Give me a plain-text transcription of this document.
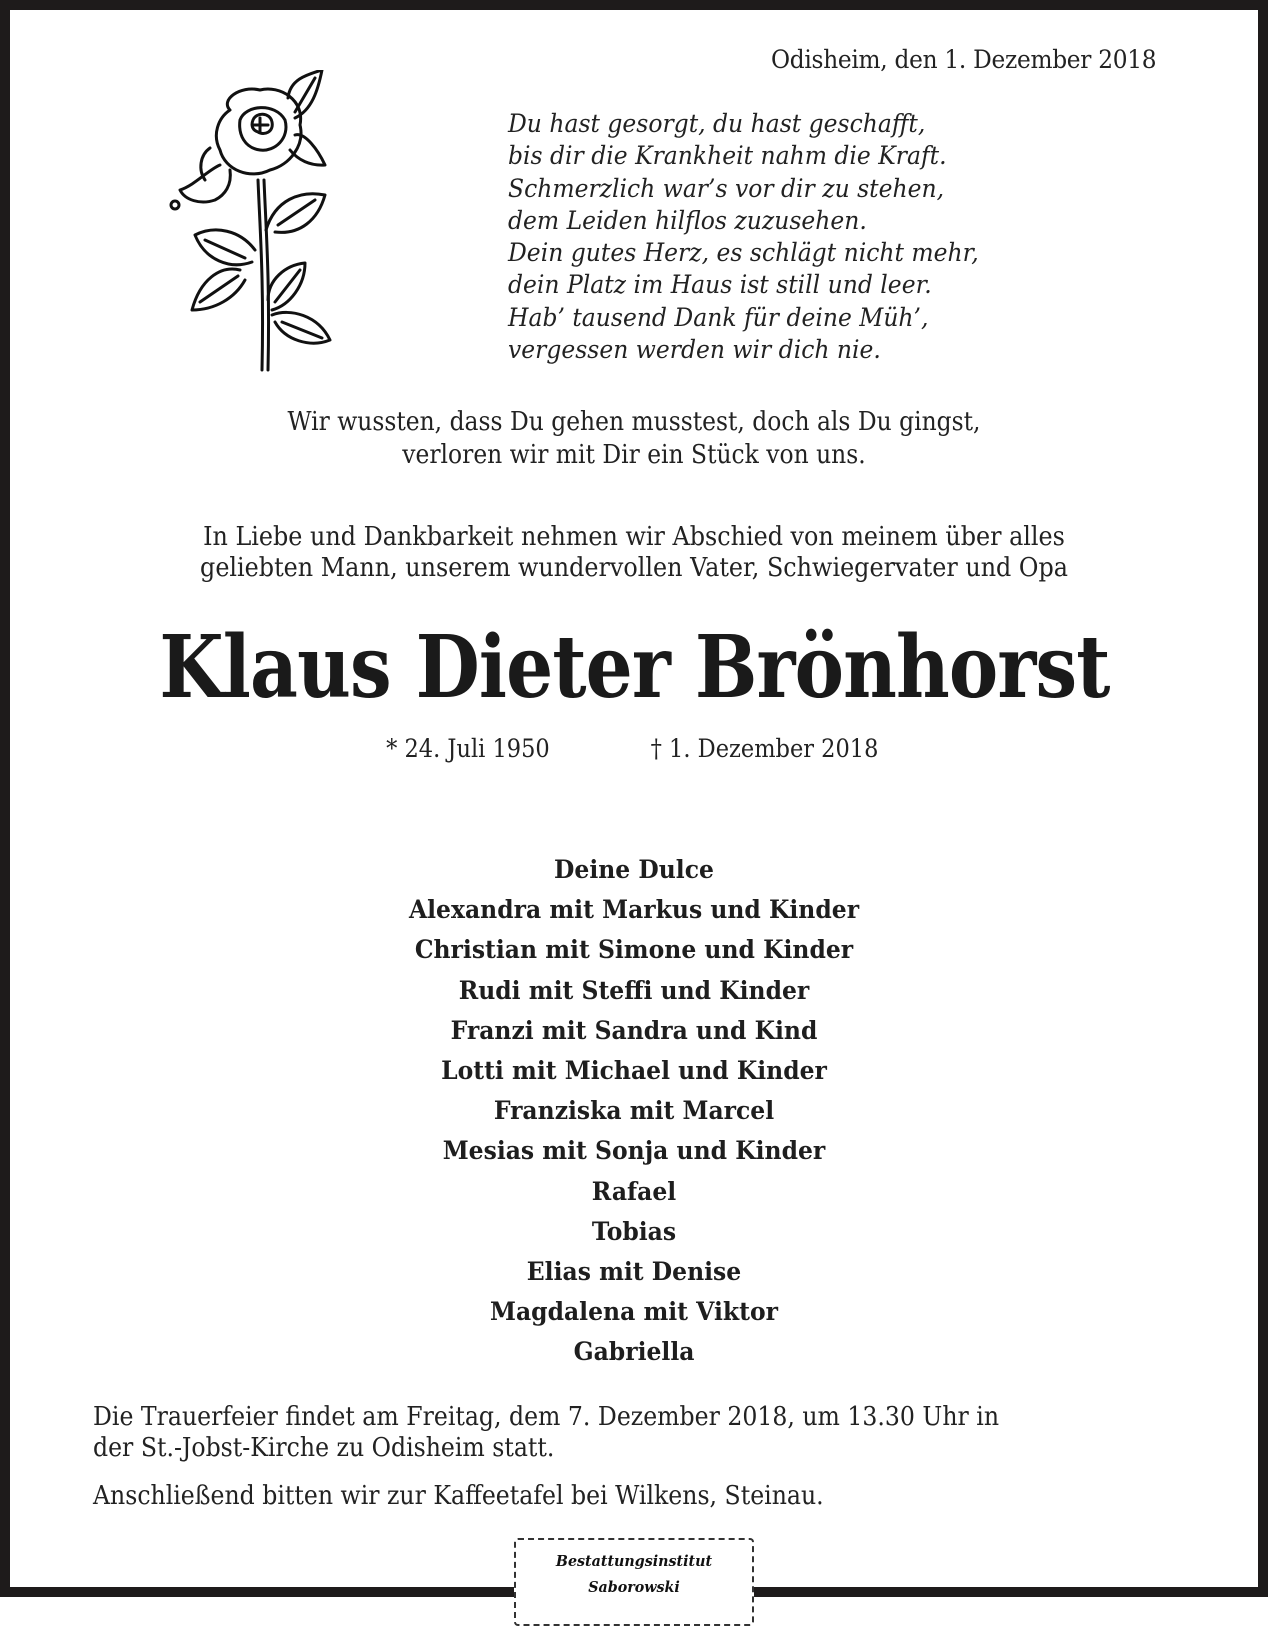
Odisheim, den 1. Dezember 2018
Du hast gesorgt, du hast geschafft,
bis dir die Krankheit nahm die Kraft.
Schmerzlich war’s vor dir zu stehen,
dem Leiden hilflos zuzusehen.
Dein gutes Herz, es schlägt nicht mehr,
dein Platz im Haus ist still und leer.
Hab’ tausend Dank für deine Müh’,
vergessen werden wir dich nie.
Wir wussten, dass Du gehen musstest, doch als Du gingst,
verloren wir mit Dir ein Stück von uns.
In Liebe und Dankbarkeit nehmen wir Abschied von meinem über alles
geliebten Mann, unserem wundervollen Vater, Schwiegervater und Opa
Klaus Dieter Brönhorst
* 24. Juli 1950	† 1. Dezember 2018
Deine Dulce
Alexandra mit Markus und Kinder
Christian mit Simone und Kinder
Rudi mit Steffi und Kinder
Franzi mit Sandra und Kind
Lotti mit Michael und Kinder
Franziska mit Marcel
Mesias mit Sonja und Kinder
Rafael
Tobias
Elias mit Denise
Magdalena mit Viktor
Gabriella
Die Trauerfeier findet am Freitag, dem 7. Dezember 2018, um 13.30 Uhr in
der St.-Jobst-Kirche zu Odisheim statt.
Anschließend bitten wir zur Kaffeetafel bei Wilkens, Steinau.
Bestattungsinstitut
Saborowski
